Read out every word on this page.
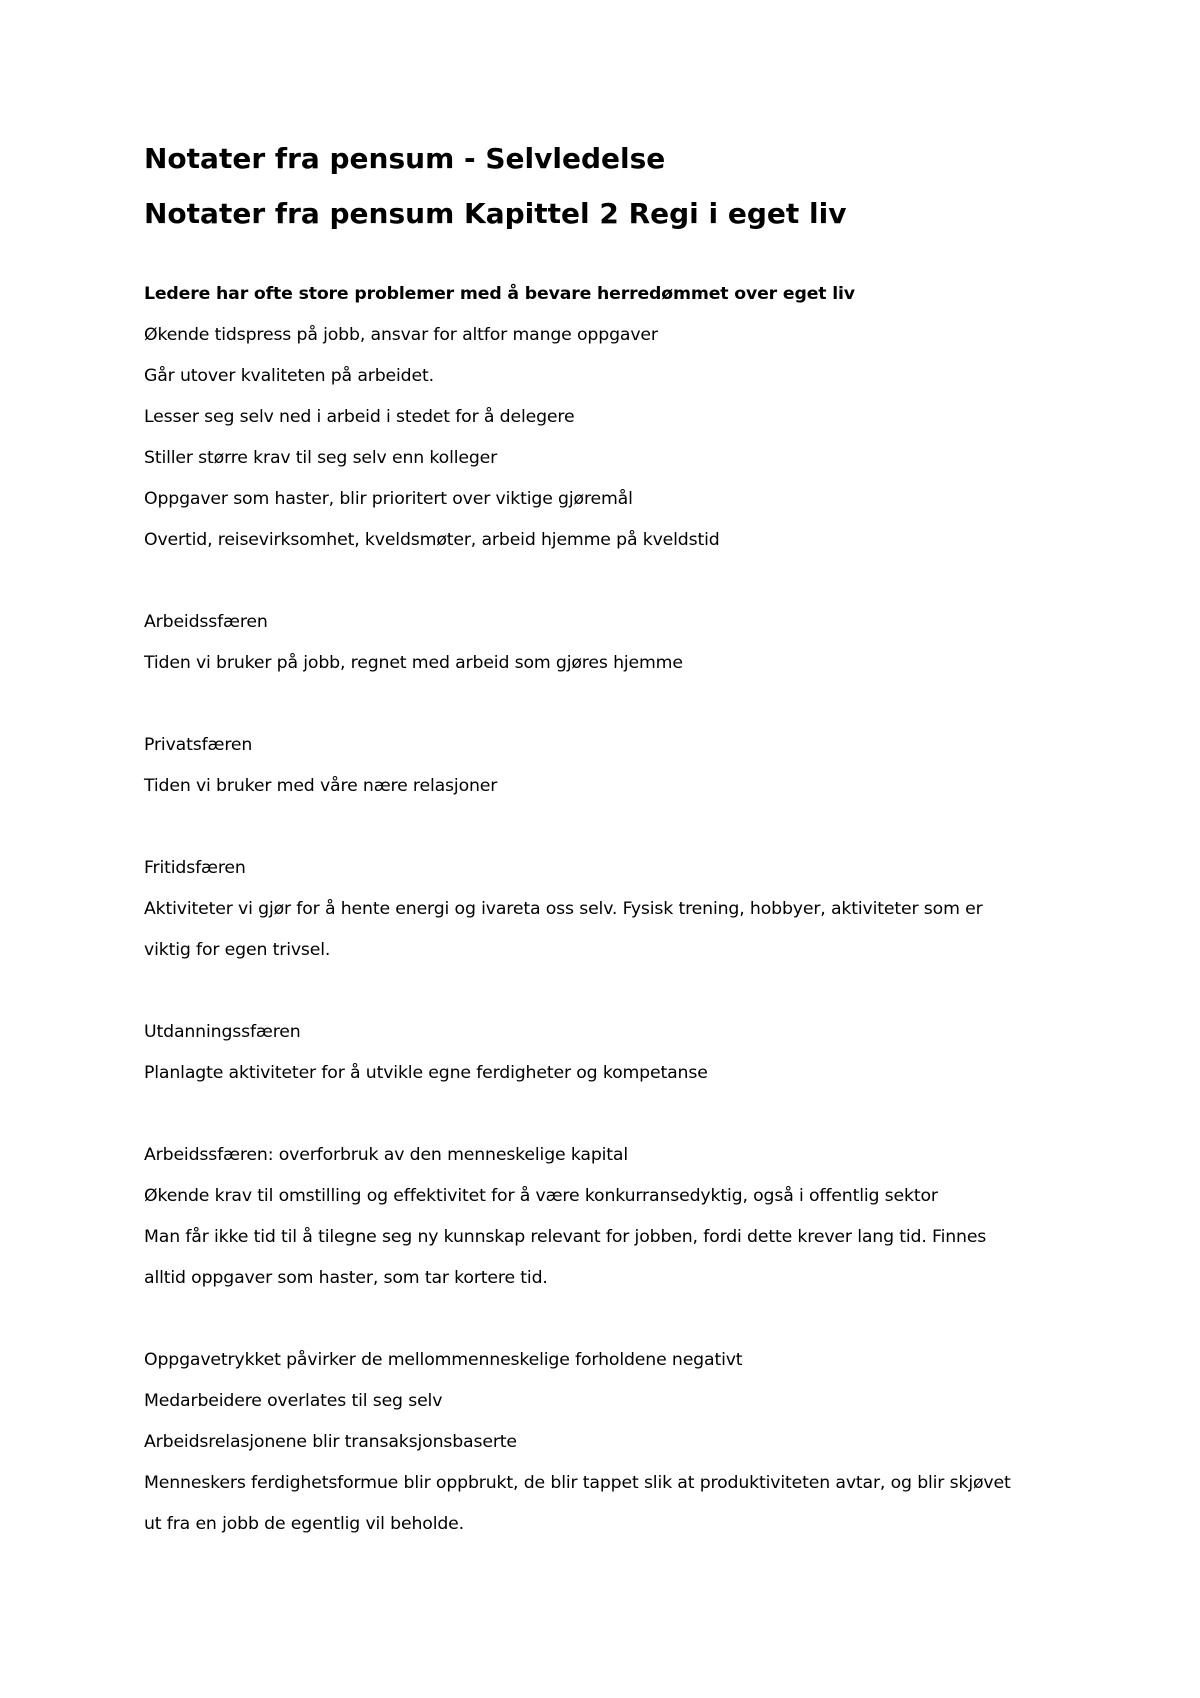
Notater fra pensum - Selvledelse
Notater fra pensum Kapittel 2 Regi i eget liv

Ledere har ofte store problemer med å bevare herredømmet over eget liv

Økende tidspress på jobb, ansvar for altfor mange oppgaver

Går utover kvaliteten på arbeidet.

Lesser seg selv ned i arbeid i stedet for å delegere

Stiller større krav til seg selv enn kolleger

Oppgaver som haster, blir prioritert over viktige gjøremål

Overtid, reisevirksomhet, kveldsmøter, arbeid hjemme på kveldstid

Arbeidssfæren

Tiden vi bruker på jobb, regnet med arbeid som gjøres hjemme

Privatsfæren

Tiden vi bruker med våre nære relasjoner

Fritidsfæren

Aktiviteter vi gjør for å hente energi og ivareta oss selv. Fysisk trening, hobbyer, aktiviteter som er

viktig for egen trivsel.

Utdanningssfæren

Planlagte aktiviteter for å utvikle egne ferdigheter og kompetanse

Arbeidssfæren: overforbruk av den menneskelige kapital

Økende krav til omstilling og effektivitet for å være konkurransedyktig, også i offentlig sektor

Man får ikke tid til å tilegne seg ny kunnskap relevant for jobben, fordi dette krever lang tid. Finnes

alltid oppgaver som haster, som tar kortere tid.

Oppgavetrykket påvirker de mellommenneskelige forholdene negativt

Medarbeidere overlates til seg selv

Arbeidsrelasjonene blir transaksjonsbaserte

Menneskers ferdighetsformue blir oppbrukt, de blir tappet slik at produktiviteten avtar, og blir skjøvet

ut fra en jobb de egentlig vil beholde.
